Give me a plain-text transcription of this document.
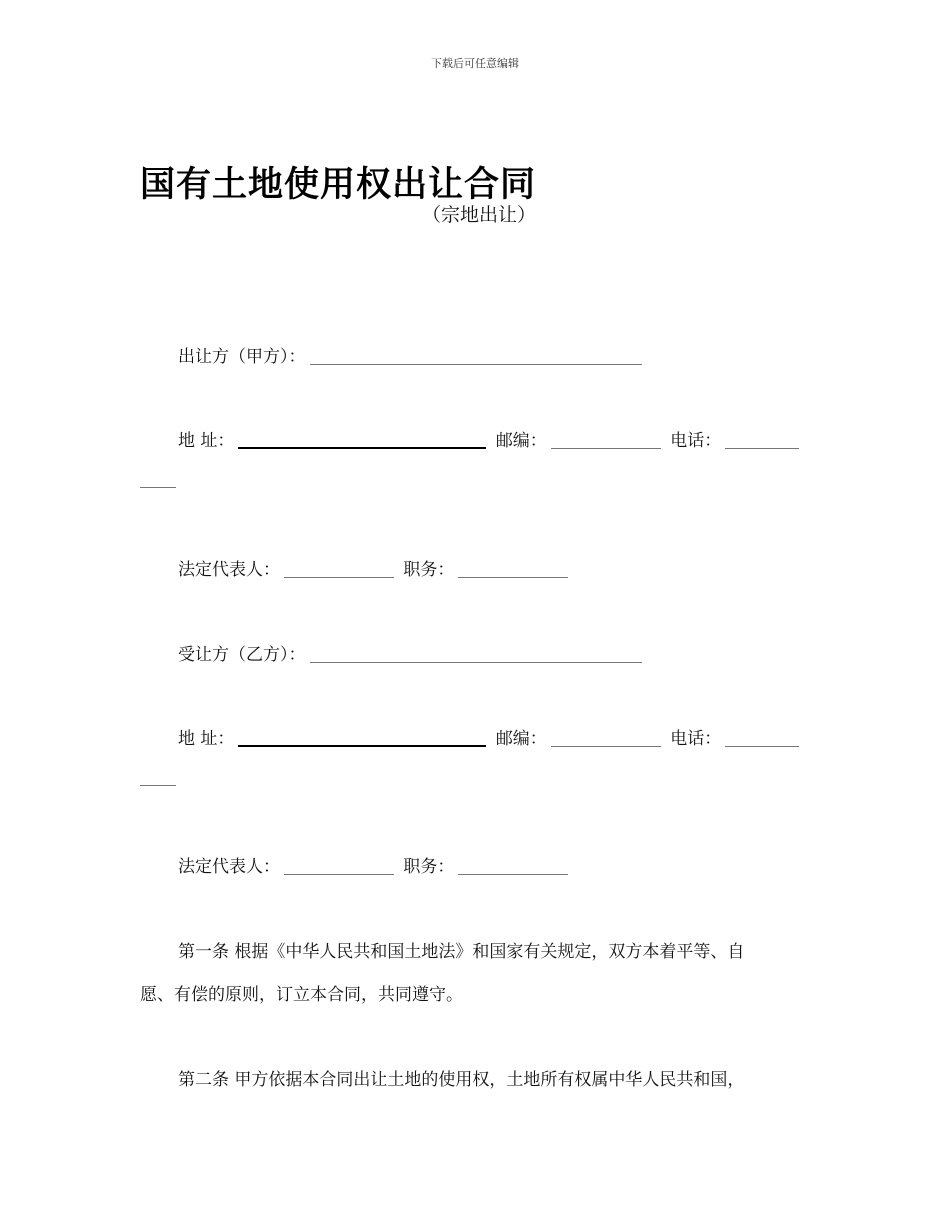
下载后可任意编辑
国有土地使用权出让合同
（宗地出让）
出让方（甲方）：
地 址：	邮编：	电话：
法定代表人：	职务：
受让方（乙方）：
地 址：	邮编：	电话：
法定代表人：	职务：
第一条 根据《中华人民共和国土地法》和国家有关规定，双方本着平等、自
愿、有偿的原则，订立本合同，共同遵守。
第二条 甲方依据本合同出让土地的使用权，土地所有权属中华人民共和国，
